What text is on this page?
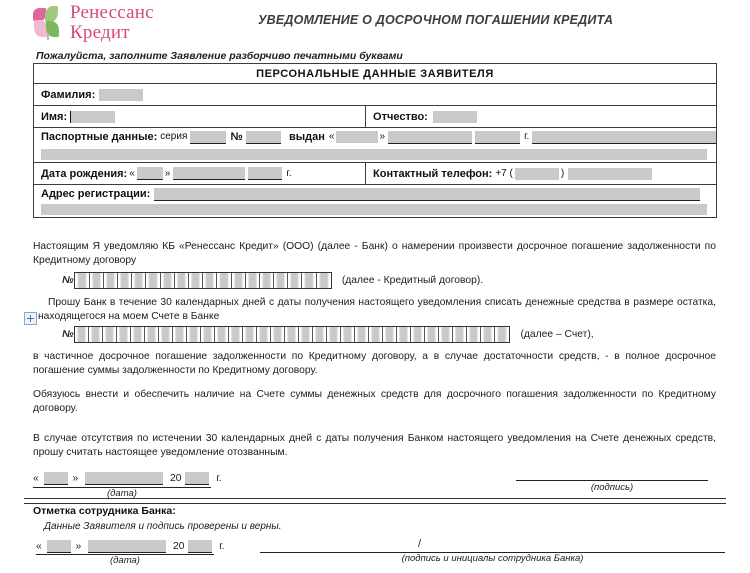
Ренессанс
Кредит
УВЕДОМЛЕНИЕ О ДОСРОЧНОМ ПОГАШЕНИИ КРЕДИТА
Пожалуйста, заполните Заявление разборчиво печатными буквами
ПЕРСОНАЛЬНЫЕ ДАННЫЕ ЗАЯВИТЕЛЯ
Фамилия:
Имя:	Отчество:
Паспортные данные: серия	№	выдан «	»	г.
Дата рождения: «	»	г.	Контактный телефон: +7 (	)
Адрес регистрации:
Настоящим Я уведомляю КБ «Ренессанс Кредит» (ООО) (далее - Банк) о намерении произвести досрочное погашение задолженности по Кредитному договору
№	(далее - Кредитный договор).
Прошу Банк в течение 30 календарных дней с даты получения настоящего уведомления списать денежные средства в размере остатка, находящегося на моем Счете в Банке
№	(далее – Счет),
в частичное досрочное погашение задолженности по Кредитному договору, а в случае достаточности средств, - в полное досрочное погашение суммы задолженности по Кредитному договору.
Обязуюсь внести и обеспечить наличие на Счете суммы денежных средств для досрочного погашения задолженности по Кредитному договору.
В случае отсутствия по истечении 30 календарных дней с даты получения Банком настоящего уведомления на Счете денежных средств, прошу считать настоящее уведомление отозванным.
«	»	20	г.
(дата)
(подпись)
Отметка сотрудника Банка:
Данные Заявителя и подпись проверены и верны.
«	»	20	г.
(дата)
/
(подпись и инициалы сотрудника Банка)
